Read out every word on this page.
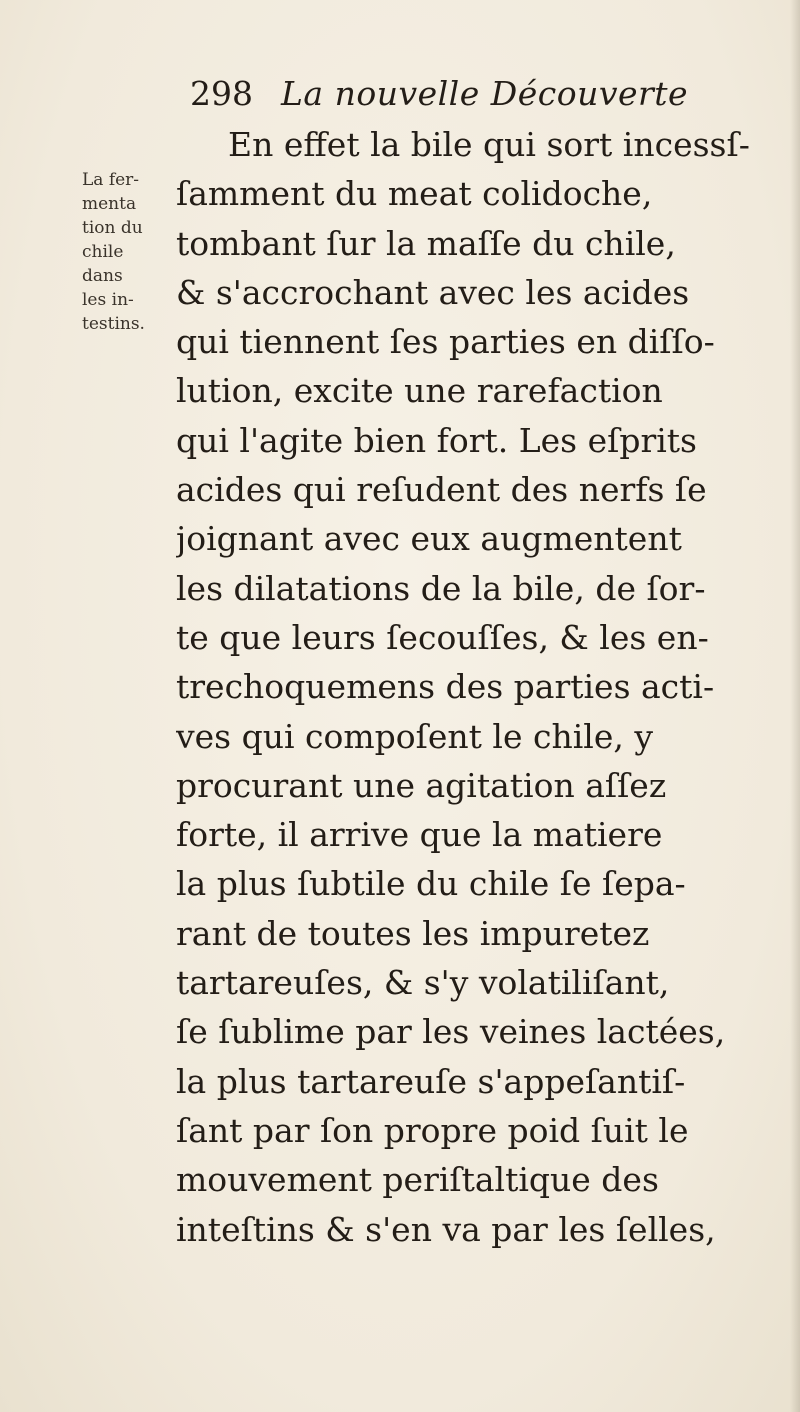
298 La nouvelle Découverte
La fer-
menta
tion du
chile
dans
les in-
testins.
En effet la bile qui sort incessſ-
ſamment du meat colidoche,
tombant ſur la maſſe du chile,
& s'accrochant avec les acides
qui tiennent ſes parties en diſſo-
lution, excite une rarefaction
qui l'agite bien fort. Les eſprits
acides qui reſudent des nerfs ſe
joignant avec eux augmentent
les dilatations de la bile, de ſor-
te que leurs ſecouſſes, & les en-
trechoquemens des parties acti-
ves qui compoſent le chile, y
procurant une agitation aſſez
forte, il arrive que la matiere
la plus ſubtile du chile ſe ſepa-
rant de toutes les impuretez
tartareuſes, & s'y volatiliſant,
ſe ſublime par les veines lactées,
la plus tartareuſe s'appeſantiſ-
ſant par ſon propre poid ſuit le
mouvement periſtaltique des
inteſtins & s'en va par les ſelles,
